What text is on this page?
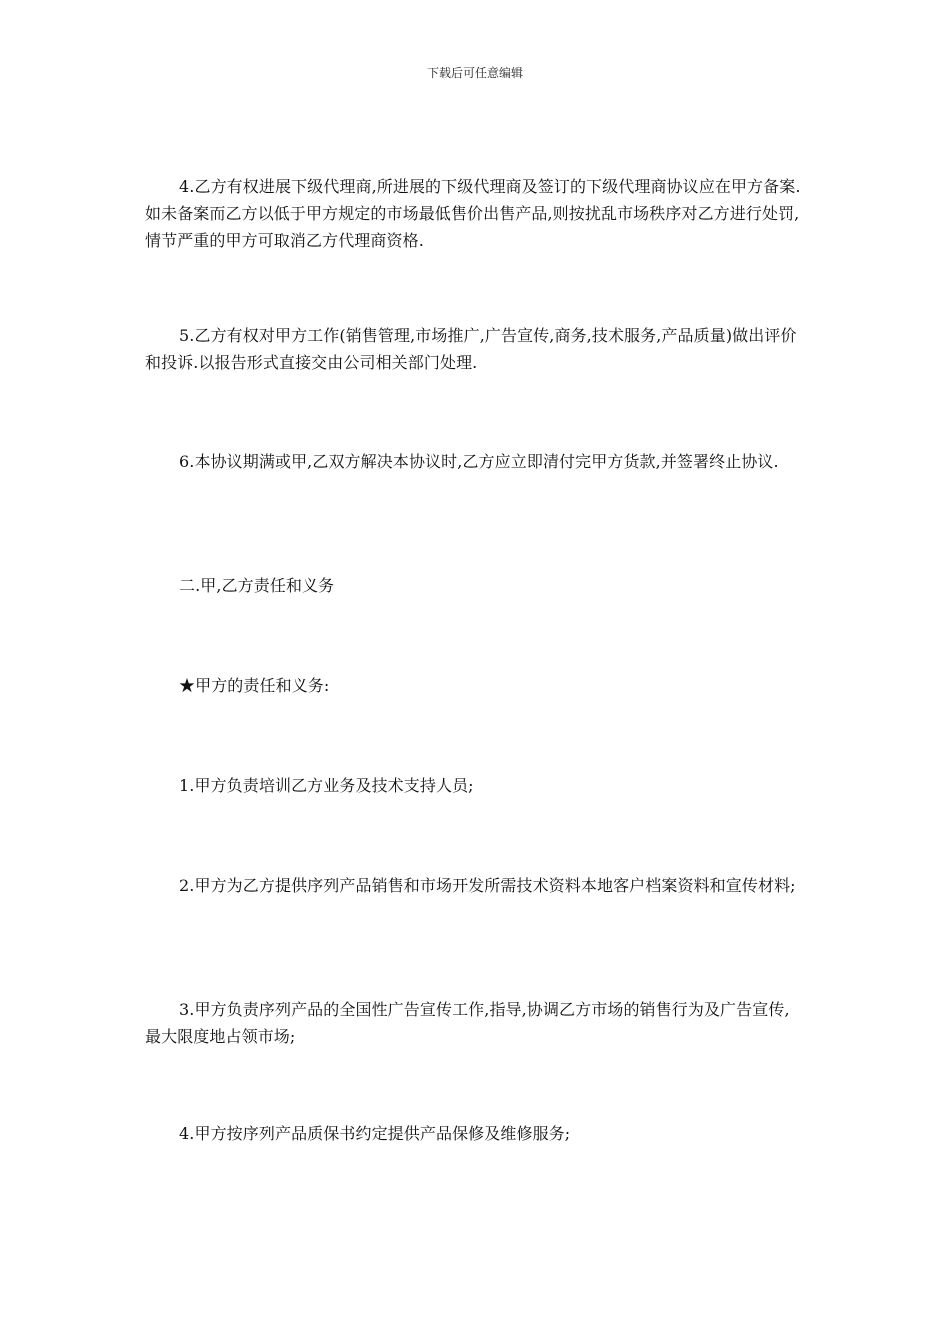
下载后可任意编辑

4.乙方有权进展下级代理商,所进展的下级代理商及签订的下级代理商协议应在甲方备案.如未备案而乙方以低于甲方规定的市场最低售价出售产品,则按扰乱市场秩序对乙方进行处罚,情节严重的甲方可取消乙方代理商资格.

5.乙方有权对甲方工作(销售管理,市场推广,广告宣传,商务,技术服务,产品质量)做出评价和投诉.以报告形式直接交由公司相关部门处理.

6.本协议期满或甲,乙双方解决本协议时,乙方应立即清付完甲方货款,并签署终止协议.

二.甲,乙方责任和义务

★甲方的责任和义务:

1.甲方负责培训乙方业务及技术支持人员;

2.甲方为乙方提供序列产品销售和市场开发所需技术资料本地客户档案资料和宣传材料;

3.甲方负责序列产品的全国性广告宣传工作,指导,协调乙方市场的销售行为及广告宣传,最大限度地占领市场;

4.甲方按序列产品质保书约定提供产品保修及维修服务;
